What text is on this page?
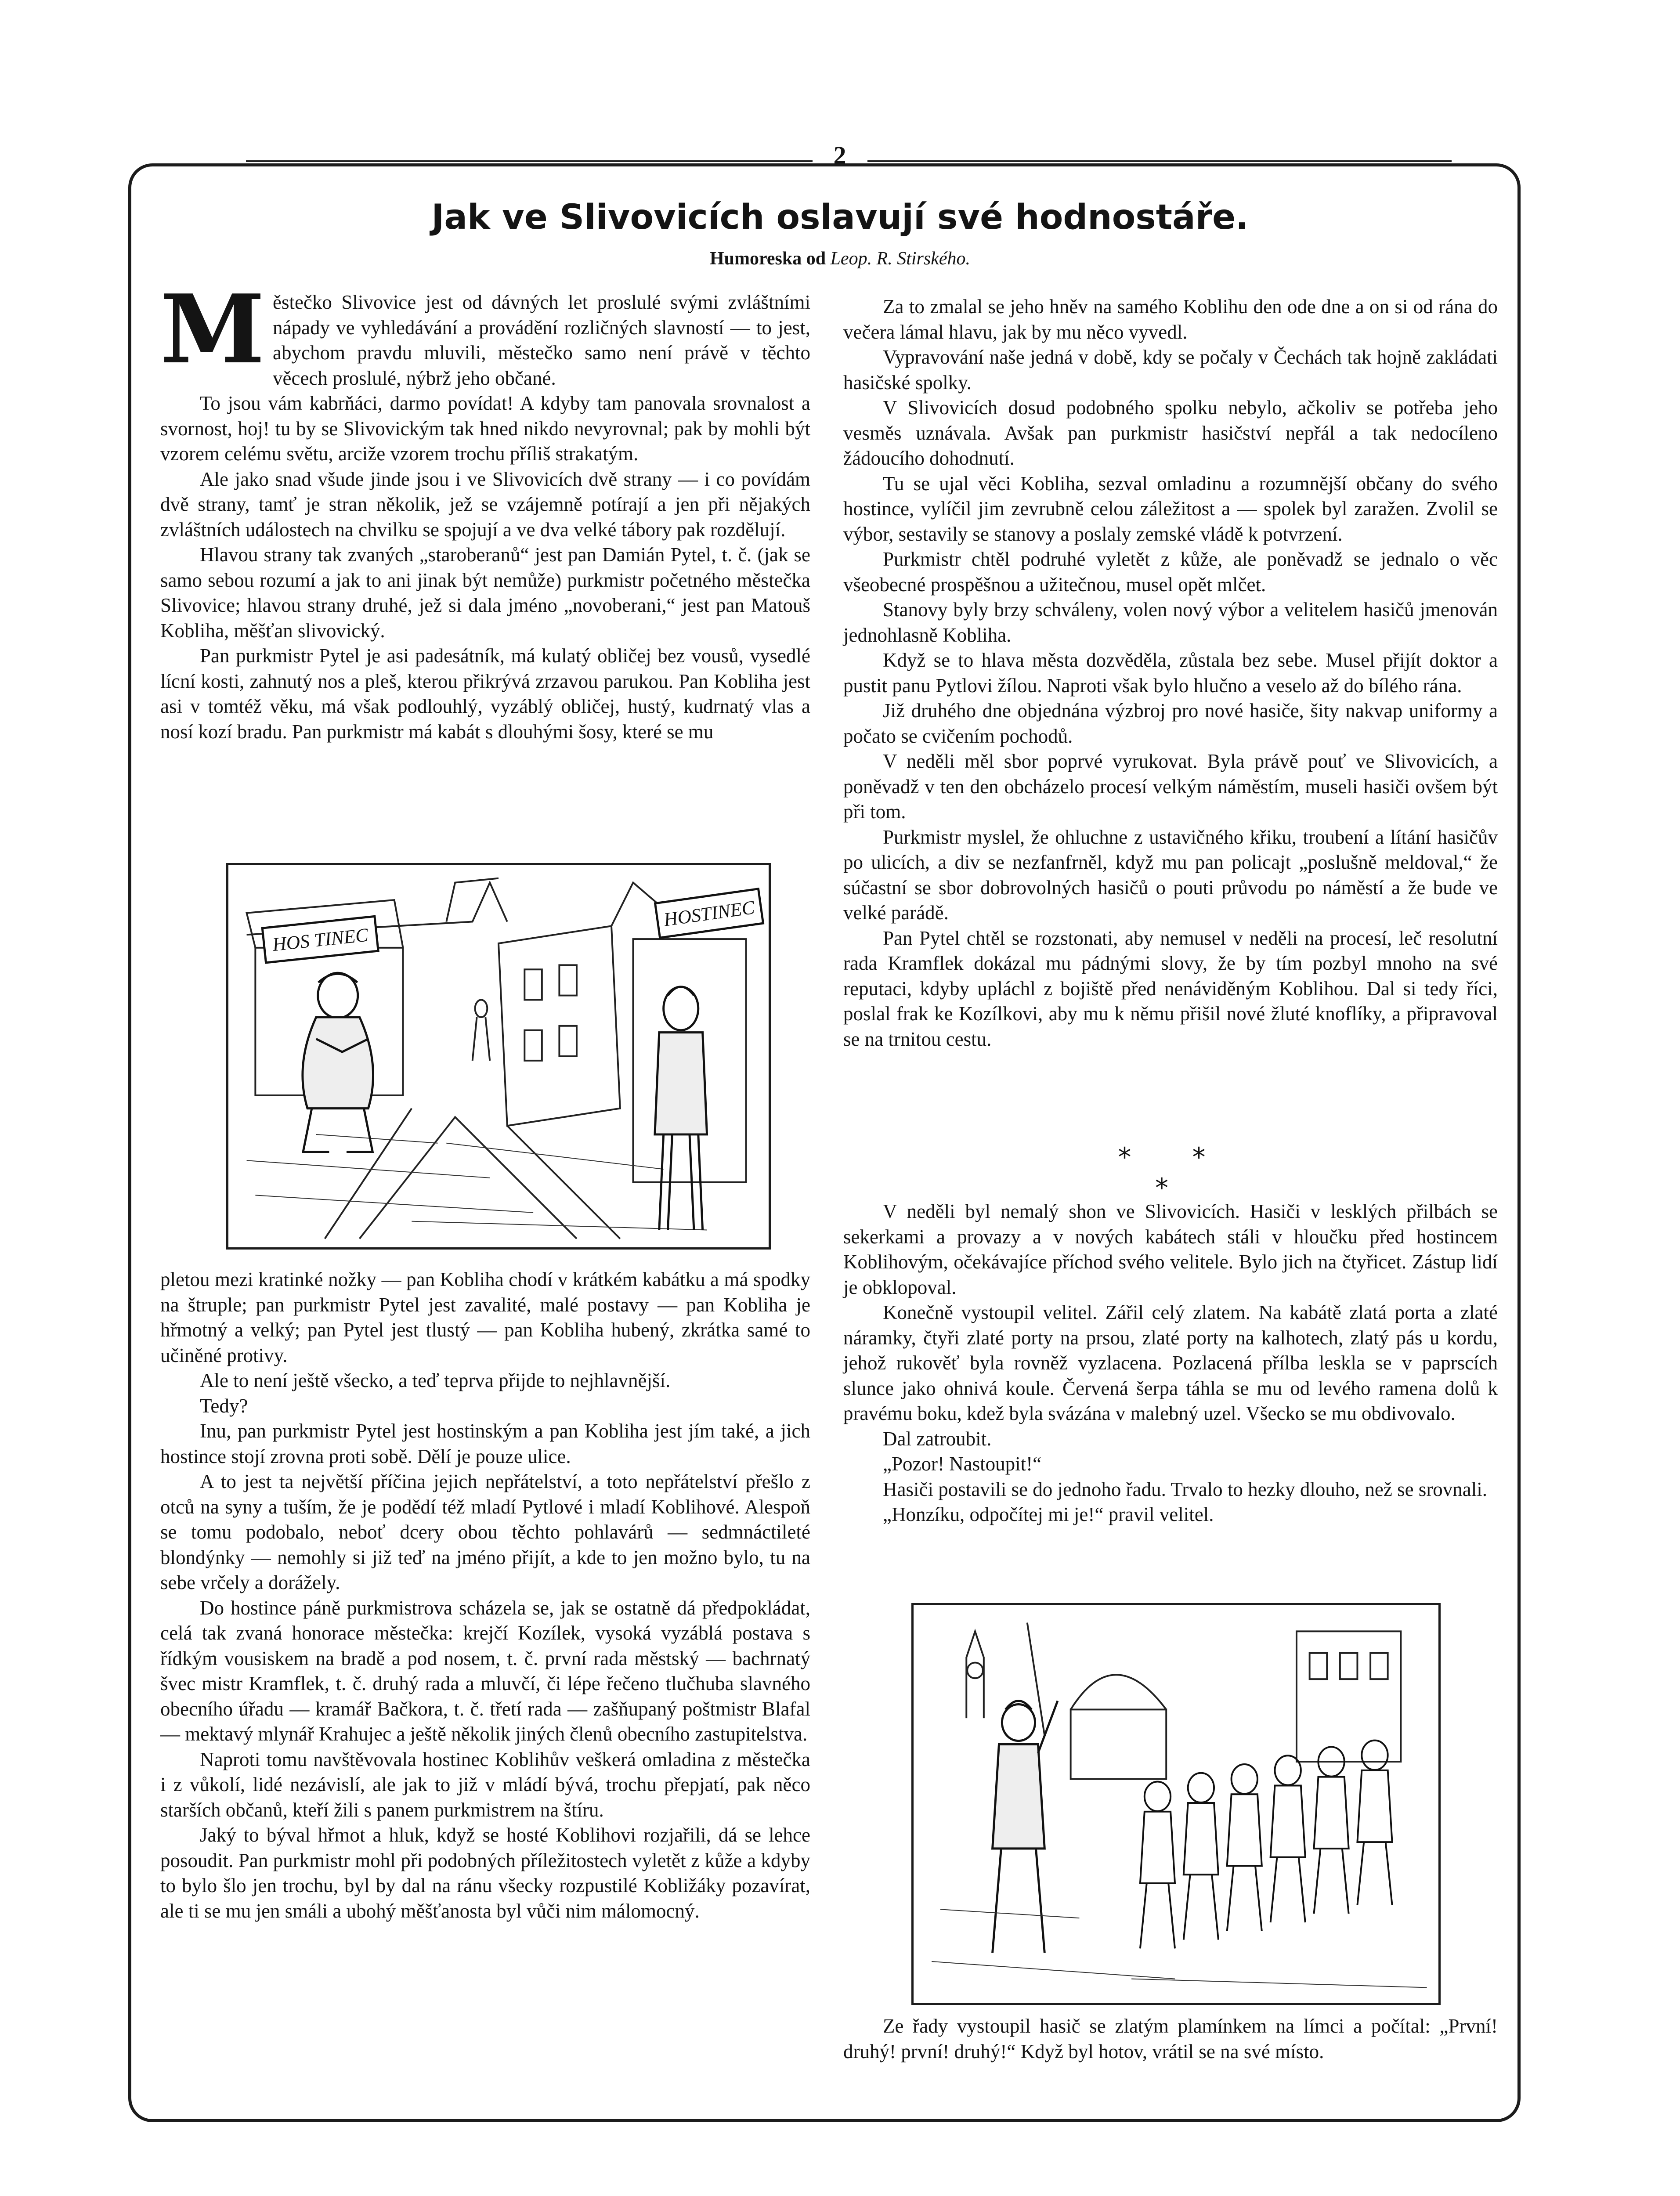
2
Jak ve Slivovicích oslavují své hodnostáře.
Humoreska od Leop. R. Stirského.

Městečko Slivovice jest od dávných let proslulé svými zvláštními nápady ve vyhledávání a provádění rozličných slavností — to jest, abychom pravdu mluvili, městečko samo není právě v těchto věcech proslulé, nýbrž jeho občané.

To jsou vám kabrňáci, darmo povídat! A kdyby tam panovala srovnalost a svornost, hoj! tu by se Slivovickým tak hned nikdo nevyrovnal; pak by mohli být vzorem celému světu, arciže vzorem trochu příliš strakatým.

Ale jako snad všude jinde jsou i ve Slivovicích dvě strany — i co povídám dvě strany, tamť je stran několik, jež se vzájemně potírají a jen při nějakých zvláštních událostech na chvilku se spojují a ve dva velké tábory pak rozdělují.

Hlavou strany tak zvaných „staroberanů“ jest pan Damián Pytel, t. č. (jak se samo sebou rozumí a jak to ani jinak být nemůže) purkmistr početného městečka Slivovice; hlavou strany druhé, jež si dala jméno „novoberani,“ jest pan Matouš Kobliha, měšťan slivovický.

Pan purkmistr Pytel je asi padesátník, má kulatý obličej bez vousů, vysedlé lícní kosti, zahnutý nos a pleš, kterou přikrývá zrzavou parukou. Pan Kobliha jest asi v tomtéž věku, má však podlouhlý, vyzáblý obličej, hustý, kudrnatý vlas a nosí kozí bradu. Pan purkmistr má kabát s dlouhými šosy, které se mu

HOS TINEC
HOSTINEC

pletou mezi kratinké nožky — pan Kobliha chodí v krátkém kabátku a má spodky na štruple; pan purkmistr Pytel jest zavalité, malé postavy — pan Kobliha je hřmotný a velký; pan Pytel jest tlustý — pan Kobliha hubený, zkrátka samé to učiněné protivy.

Ale to není ještě všecko, a teď teprva přijde to nejhlavnější.

Tedy?

Inu, pan purkmistr Pytel jest hostinským a pan Kobliha jest jím také, a jich hostince stojí zrovna proti sobě. Dělí je pouze ulice.

A to jest ta největší příčina jejich nepřátelství, a toto nepřátelství přešlo z otců na syny a tuším, že je podědí též mladí Pytlové i mladí Koblihové. Alespoň se tomu podobalo, neboť dcery obou těchto pohlavárů — sedmnáctileté blondýnky — nemohly si již teď na jméno přijít, a kde to jen možno bylo, tu na sebe vrčely a dorážely.

Do hostince páně purkmistrova scházela se, jak se ostatně dá předpokládat, celá tak zvaná honorace městečka: krejčí Kozílek, vysoká vyzáblá postava s řídkým vousiskem na bradě a pod nosem, t. č. první rada městský — bachrnatý švec mistr Kramflek, t. č. druhý rada a mluvčí, či lépe řečeno tlučhuba slavného obecního úřadu — kramář Bačkora, t. č. třetí rada — zašňupaný poštmistr Blafal — mektavý mlynář Krahujec a ještě několik jiných členů obecního zastupitelstva.

Naproti tomu navštěvovala hostinec Koblihův veškerá omladina z městečka i z vůkolí, lidé nezávislí, ale jak to již v mládí bývá, trochu přepjatí, pak něco starších občanů, kteří žili s panem purkmistrem na štíru.

Jaký to býval hřmot a hluk, když se hosté Koblihovi rozjařili, dá se lehce posoudit. Pan purkmistr mohl při podobných příležitostech vyletět z kůže a kdyby to bylo šlo jen trochu, byl by dal na ránu všecky rozpustilé Kobližáky pozavírat, ale ti se mu jen smáli a ubohý měšťanosta byl vůči nim málomocný.

Za to zmalal se jeho hněv na samého Koblihu den ode dne a on si od rána do večera lámal hlavu, jak by mu něco vyvedl.

Vypravování naše jedná v době, kdy se počaly v Čechách tak hojně zakládati hasičské spolky.

V Slivovicích dosud podobného spolku nebylo, ačkoliv se potřeba jeho vesměs uznávala. Avšak pan purkmistr hasičství nepřál a tak nedocíleno žádoucího dohodnutí.

Tu se ujal věci Kobliha, sezval omladinu a rozumnější občany do svého hostince, vylíčil jim zevrubně celou záležitost a — spolek byl zaražen. Zvolil se výbor, sestavily se stanovy a poslaly zemské vládě k potvrzení.

Purkmistr chtěl podruhé vyletět z kůže, ale poněvadž se jednalo o věc všeobecné prospěšnou a užitečnou, musel opět mlčet.

Stanovy byly brzy schváleny, volen nový výbor a velitelem hasičů jmenován jednohlasně Kobliha.

Když se to hlava města dozvěděla, zůstala bez sebe. Musel přijít doktor a pustit panu Pytlovi žílou. Naproti však bylo hlučno a veselo až do bílého rána.

Již druhého dne objednána výzbroj pro nové hasiče, šity nakvap uniformy a počato se cvičením pochodů.

V neděli měl sbor poprvé vyrukovat. Byla právě pouť ve Slivovicích, a poněvadž v ten den obcházelo procesí velkým náměstím, museli hasiči ovšem být při tom.

Purkmistr myslel, že ohluchne z ustavičného křiku, troubení a lítání hasičův po ulicích, a div se nezfanfrněl, když mu pan policajt „poslušně meldoval,“ že súčastní se sbor dobrovolných hasičů o pouti průvodu po náměstí a že bude ve velké parádě.

Pan Pytel chtěl se rozstonati, aby nemusel v neděli na procesí, leč resolutní rada Kramflek dokázal mu pádnými slovy, že by tím pozbyl mnoho na své reputaci, kdyby upláchl z bojiště před nenáviděným Koblihou. Dal si tedy říci, poslal frak ke Kozílkovi, aby mu k němu přišil nové žluté knoflíky, a připravoval se na trnitou cestu.

* * *

V neděli byl nemalý shon ve Slivovicích. Hasiči v lesklých přilbách se sekerkami a provazy a v nových kabátech stáli v hloučku před hostincem Koblihovým, očekávajíce příchod svého velitele. Bylo jich na čtyřicet. Zástup lidí je obklopoval.

Konečně vystoupil velitel. Zářil celý zlatem. Na kabátě zlatá porta a zlaté náramky, čtyři zlaté porty na prsou, zlaté porty na kalhotech, zlatý pás u kordu, jehož rukověť byla rovněž vyzlacena. Pozlacená přílba leskla se v paprscích slunce jako ohnivá koule. Červená šerpa táhla se mu od levého ramena dolů k pravému boku, kdež byla svázána v malebný uzel. Všecko se mu obdivovalo.

Dal zatroubit.

„Pozor! Nastoupit!“

Hasiči postavili se do jednoho řadu. Trvalo to hezky dlouho, než se srovnali.

„Honzíku, odpočítej mi je!“ pravil velitel.

Ze řady vystoupil hasič se zlatým plamínkem na límci a počítal: „První! druhý! první! druhý!“ Když byl hotov, vrátil se na své místo.
